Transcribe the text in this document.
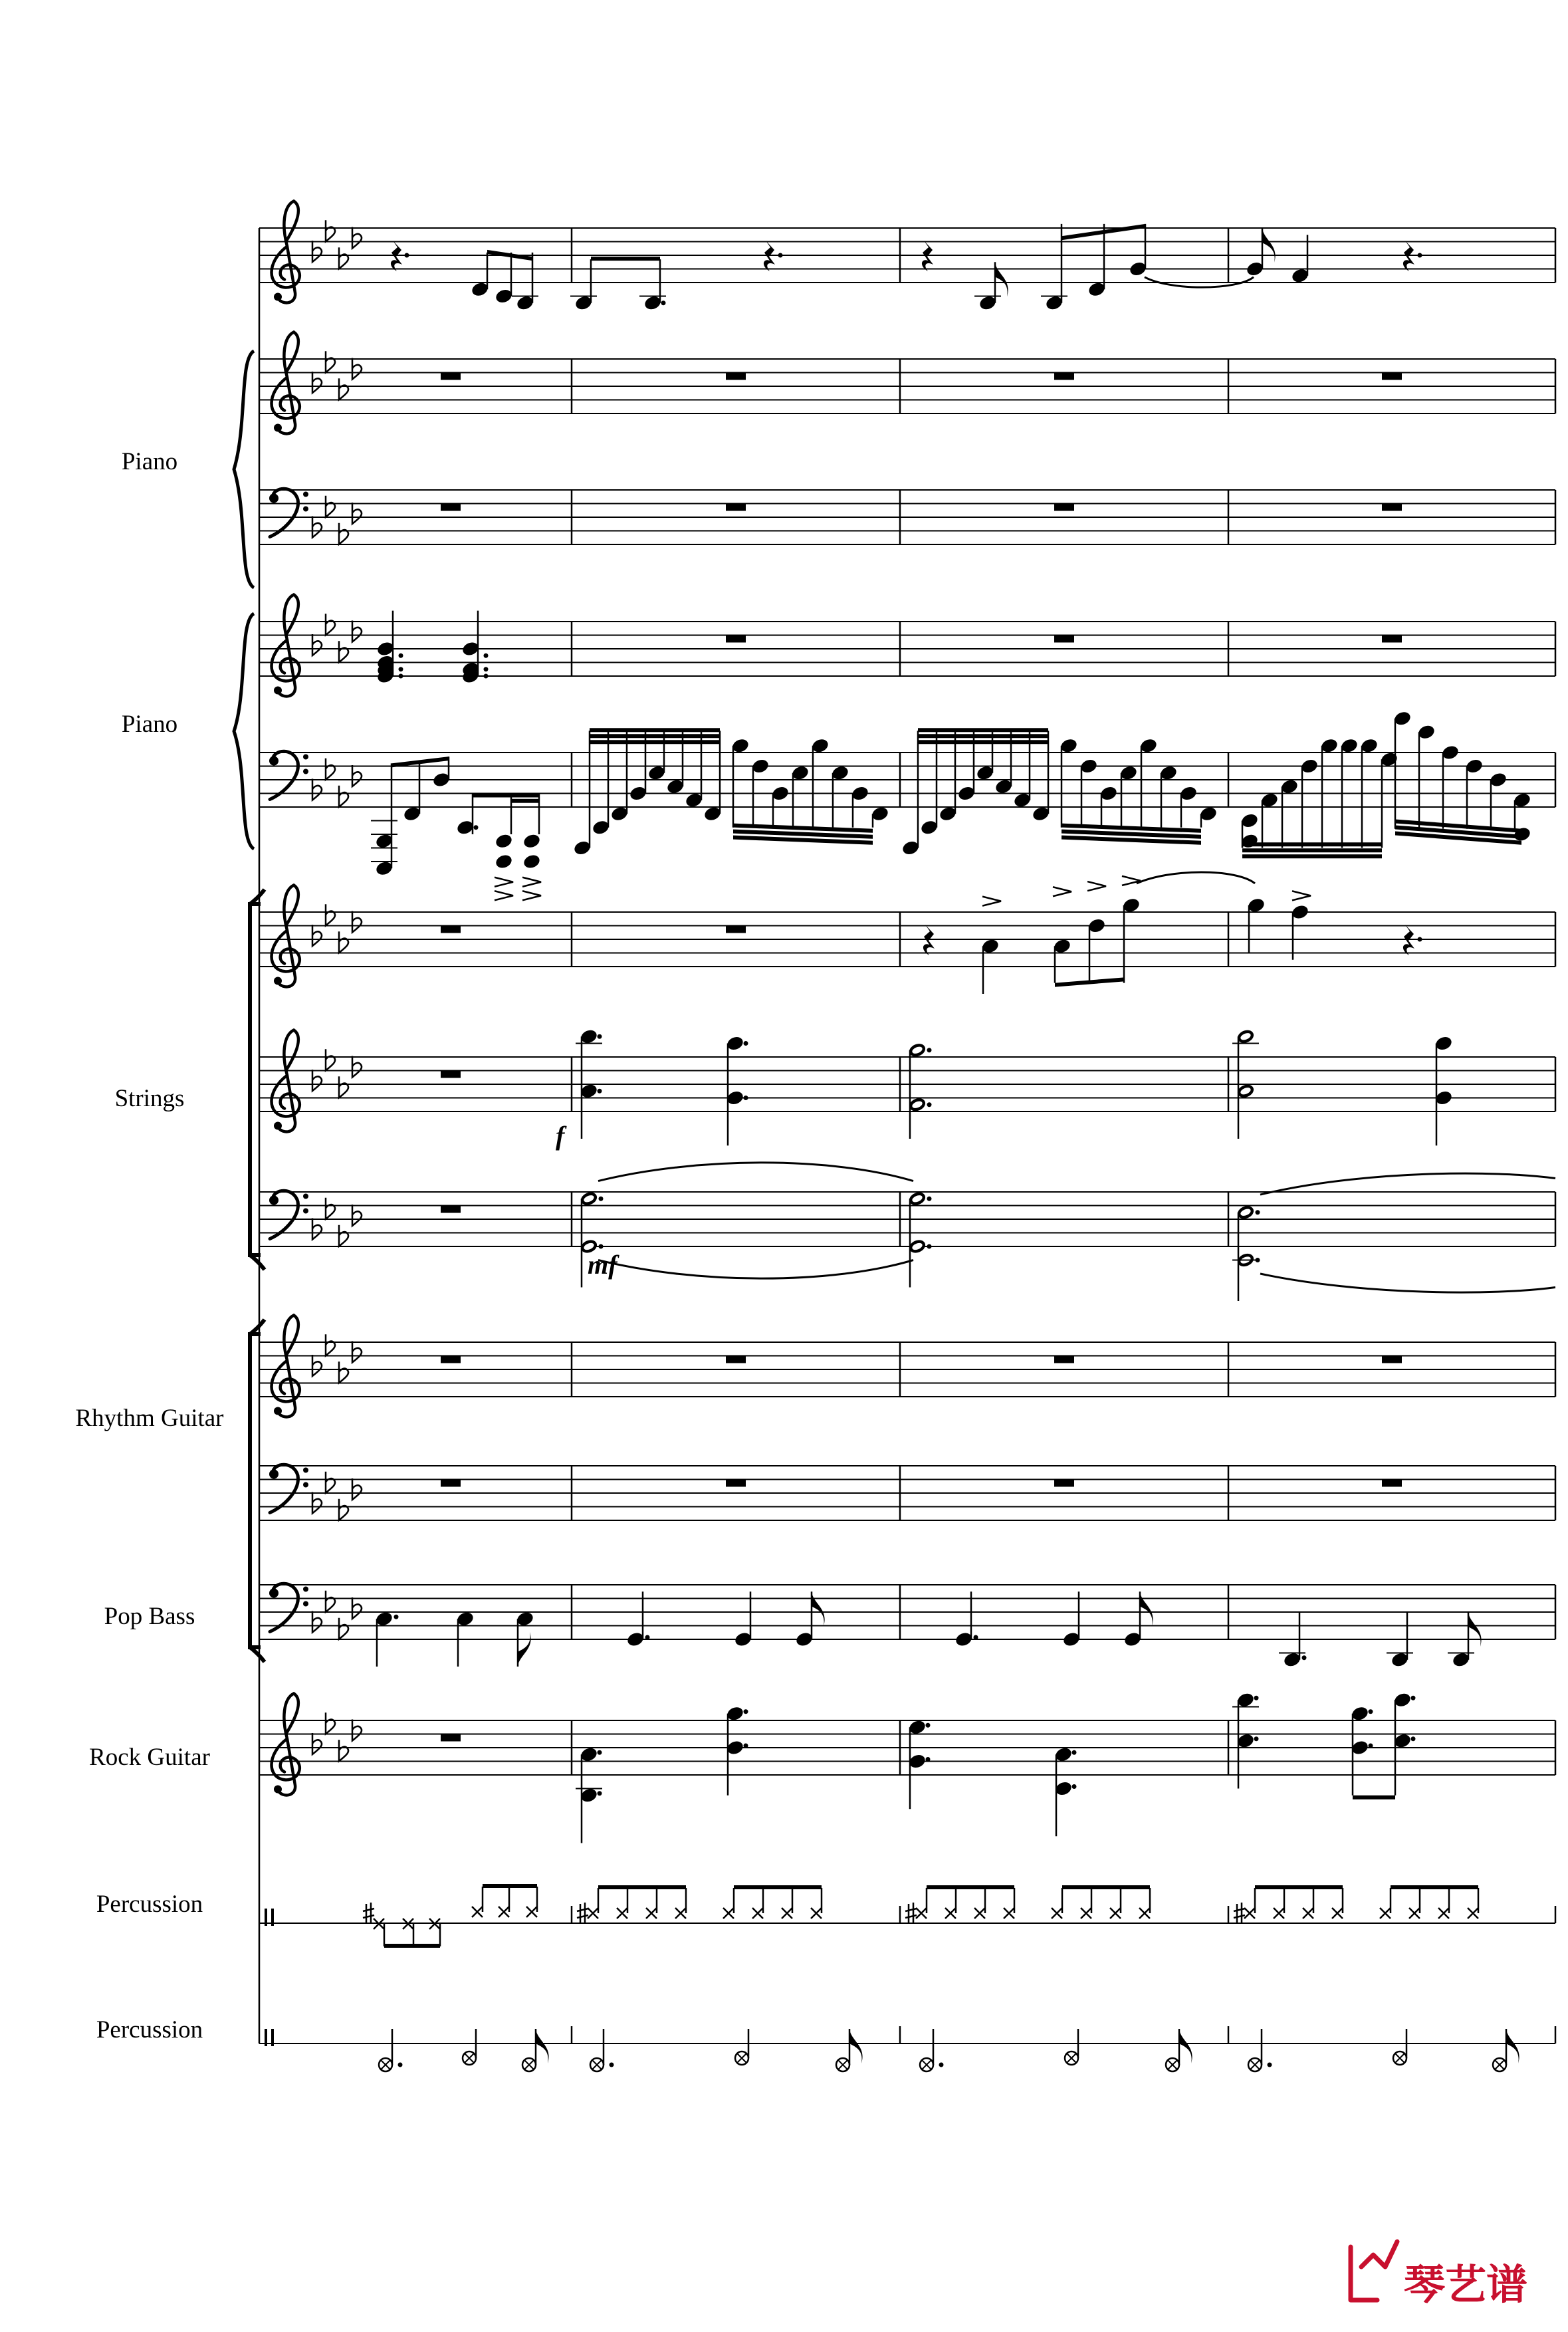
Piano
Piano
Strings
Rhythm Guitar
Pop Bass
Rock Guitar
Percussion
Percussion
f
mf
琴艺谱
